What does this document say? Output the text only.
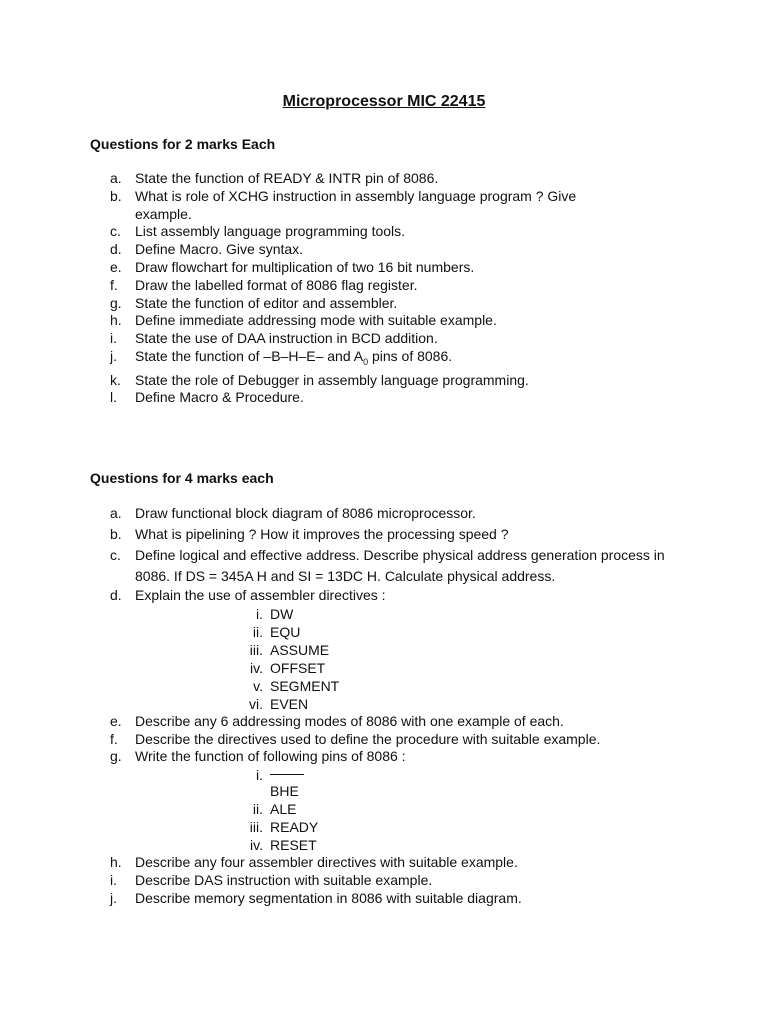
Microprocessor MIC 22415
Questions for 2 marks Each
a. State the function of READY & INTR pin of 8086.
b. What is role of XCHG instruction in assembly language program ? Give example.
c. List assembly language programming tools.
d. Define Macro. Give syntax.
e. Draw flowchart for multiplication of two 16 bit numbers.
f. Draw the labelled format of 8086 flag register.
g. State the function of editor and assembler.
h. Define immediate addressing mode with suitable example.
i. State the use of DAA instruction in BCD addition.
j. State the function of –B–H–E– and $A_0$ pins of 8086.
k. State the role of Debugger in assembly language programming.
l. Define Macro & Procedure.
Questions for 4 marks each
a. Draw functional block diagram of 8086 microprocessor.
b. What is pipelining ? How it improves the processing speed ?
c. Define logical and effective address. Describe physical address generation process in 8086. If DS = 345A H and SI = 13DC H. Calculate physical address.
d. Explain the use of assembler directives :
i. DW
ii. EQU
iii. ASSUME
iv. OFFSET
v. SEGMENT
vi. EVEN
e. Describe any 6 addressing modes of 8086 with one example of each.
f. Describe the directives used to define the procedure with suitable example.
g. Write the function of following pins of 8086 :
i.
BHE
ii. ALE
iii. READY
iv. RESET
h. Describe any four assembler directives with suitable example.
i. Describe DAS instruction with suitable example.
j. Describe memory segmentation in 8086 with suitable diagram.
